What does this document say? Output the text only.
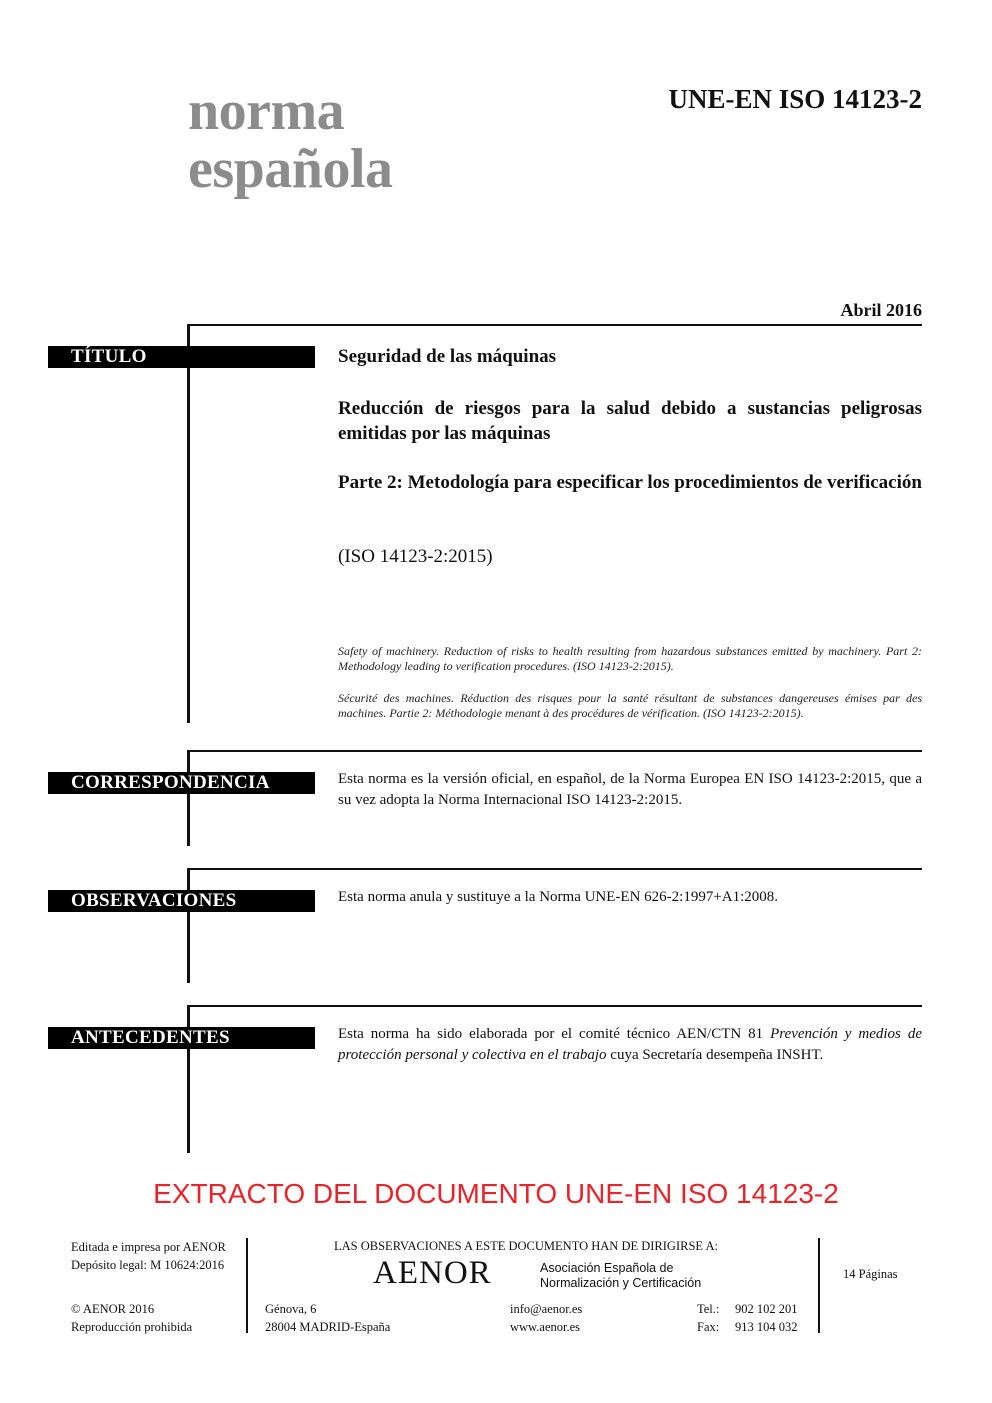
norma
española
UNE-EN ISO 14123-2
Abril 2016
TÍTULO	Seguridad de las máquinas
Reducción de riesgos para la salud debido a sustancias peligrosas emitidas por las máquinas
Parte 2: Metodología para especificar los procedimientos de verificación
(ISO 14123-2:2015)
Safety of machinery. Reduction of risks to health resulting from hazardous substances emitted by machinery. Part 2: Methodology leading to verification procedures. (ISO 14123-2:2015).
Sécurité des machines. Réduction des risques pour la santé résultant de substances dangereuses émises par des machines. Partie 2: Méthodologie menant à des procédures de vérification. (ISO 14123-2:2015).
CORRESPONDENCIA	Esta norma es la versión oficial, en español, de la Norma Europea EN ISO 14123-2:2015, que a su vez adopta la Norma Internacional ISO 14123-2:2015.
OBSERVACIONES	Esta norma anula y sustituye a la Norma UNE-EN 626-2:1997+A1:2008.
ANTECEDENTES	Esta norma ha sido elaborada por el comité técnico AEN/CTN 81 Prevención y medios de protección personal y colectiva en el trabajo cuya Secretaría desempeña INSHT.
EXTRACTO DEL DOCUMENTO UNE-EN ISO 14123-2
Editada e impresa por AENOR
Depósito legal: M 10624:2016
© AENOR 2016
Reproducción prohibida
LAS OBSERVACIONES A ESTE DOCUMENTO HAN DE DIRIGIRSE A:
AENOR	Asociación Española de
Normalización y Certificación
Génova, 6
28004 MADRID-España
info@aenor.es
www.aenor.es
Tel.: 902 102 201
Fax: 913 104 032
14 Páginas
